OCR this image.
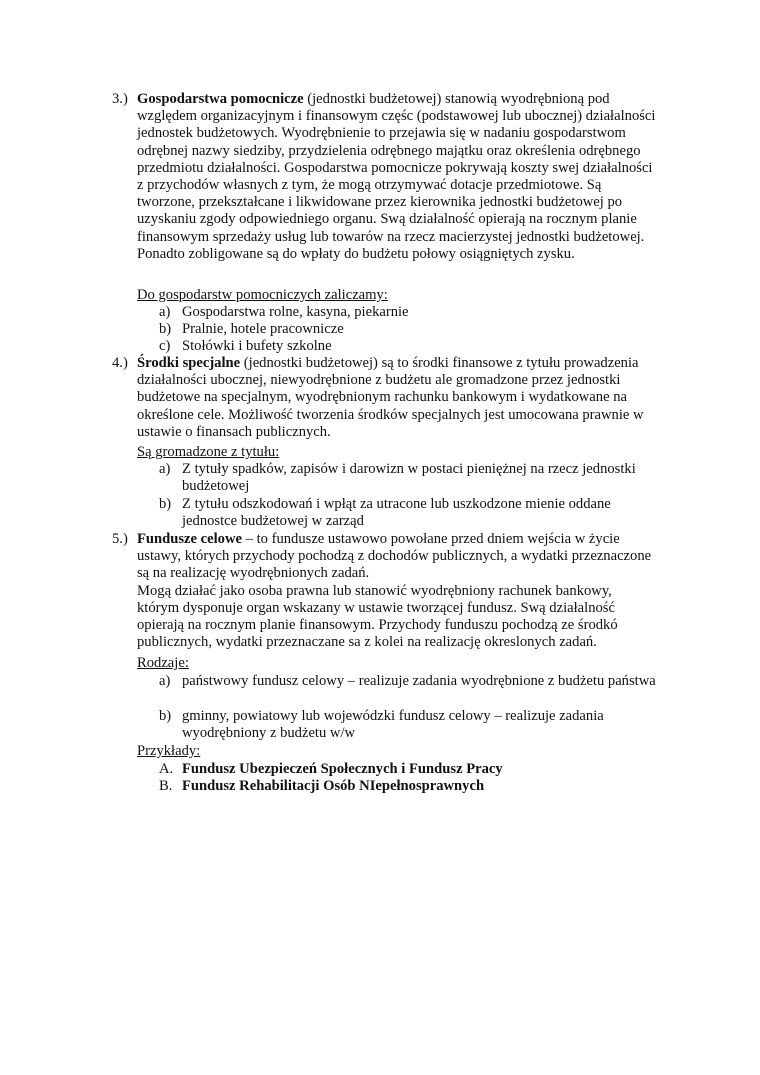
3.) Gospodarstwa pomocnicze (jednostki budżetowej) stanowią wyodrębnioną pod względem organizacyjnym i finansowym częśc (podstawowej lub ubocznej) działalności jednostek budżetowych. Wyodrębnienie to przejawia się w nadaniu gospodarstwom odrębnej nazwy siedziby, przydzielenia odrębnego majątku oraz określenia odrębnego przedmiotu działalności. Gospodarstwa pomocnicze pokrywają koszty swej działalności z przychodów własnych z tym, że mogą otrzymywać dotacje przedmiotowe. Są tworzone, przekształcane i likwidowane przez kierownika jednostki budżetowej po uzyskaniu zgody odpowiedniego organu. Swą działalność opierają na rocznym planie finansowym sprzedaży usług lub towarów na rzecz macierzystej jednostki budżetowej. Ponadto zobligowane są do wpłaty do budżetu połowy osiągniętych zysku.

Do gospodarstw pomocniczych zaliczamy:
a) Gospodarstwa rolne, kasyna, piekarnie
b) Pralnie, hotele pracownicze
c) Stołówki i bufety szkolne
4.) Środki specjalne (jednostki budżetowej) są to środki finansowe z tytułu prowadzenia działalności ubocznej, niewyodrębnione z budżetu ale gromadzone przez jednostki budżetowe na specjalnym, wyodrębnionym rachunku bankowym i wydatkowane na określone cele. Możliwość tworzenia środków specjalnych jest umocowana prawnie w ustawie o finansach publicznych.

Są gromadzone z tytułu:
a) Z tytuły spadków, zapisów i darowizn w postaci pieniężnej na rzecz jednostki budżetowej
b) Z tytułu odszkodowań i wpłąt za utracone lub uszkodzone mienie oddane jednostce budżetowej w zarząd
5.) Fundusze celowe – to fundusze ustawowo powołane przed dniem wejścia w życie ustawy, których przychody pochodzą z dochodów publicznych, a wydatki przeznaczone są na realizację wyodrębnionych zadań.

Mogą działać jako osoba prawna lub stanowić wyodrębniony rachunek bankowy, którym dysponuje organ wskazany w ustawie tworzącej fundusz. Swą działalność opierają na rocznym planie finansowym. Przychody funduszu pochodzą ze środkó publicznych, wydatki przeznaczane sa z kolei na realizację okreslonych zadań.

Rodzaje:
a) państwowy fundusz celowy – realizuje zadania wyodrębnione z budżetu państwa
b) gminny, powiatowy lub wojewódzki fundusz celowy – realizuje zadania wyodrębniony z budżetu w/w
Przykłady:
A. Fundusz Ubezpieczeń Społecznych i Fundusz Pracy
B. Fundusz Rehabilitacji Osób NIepełnosprawnych
